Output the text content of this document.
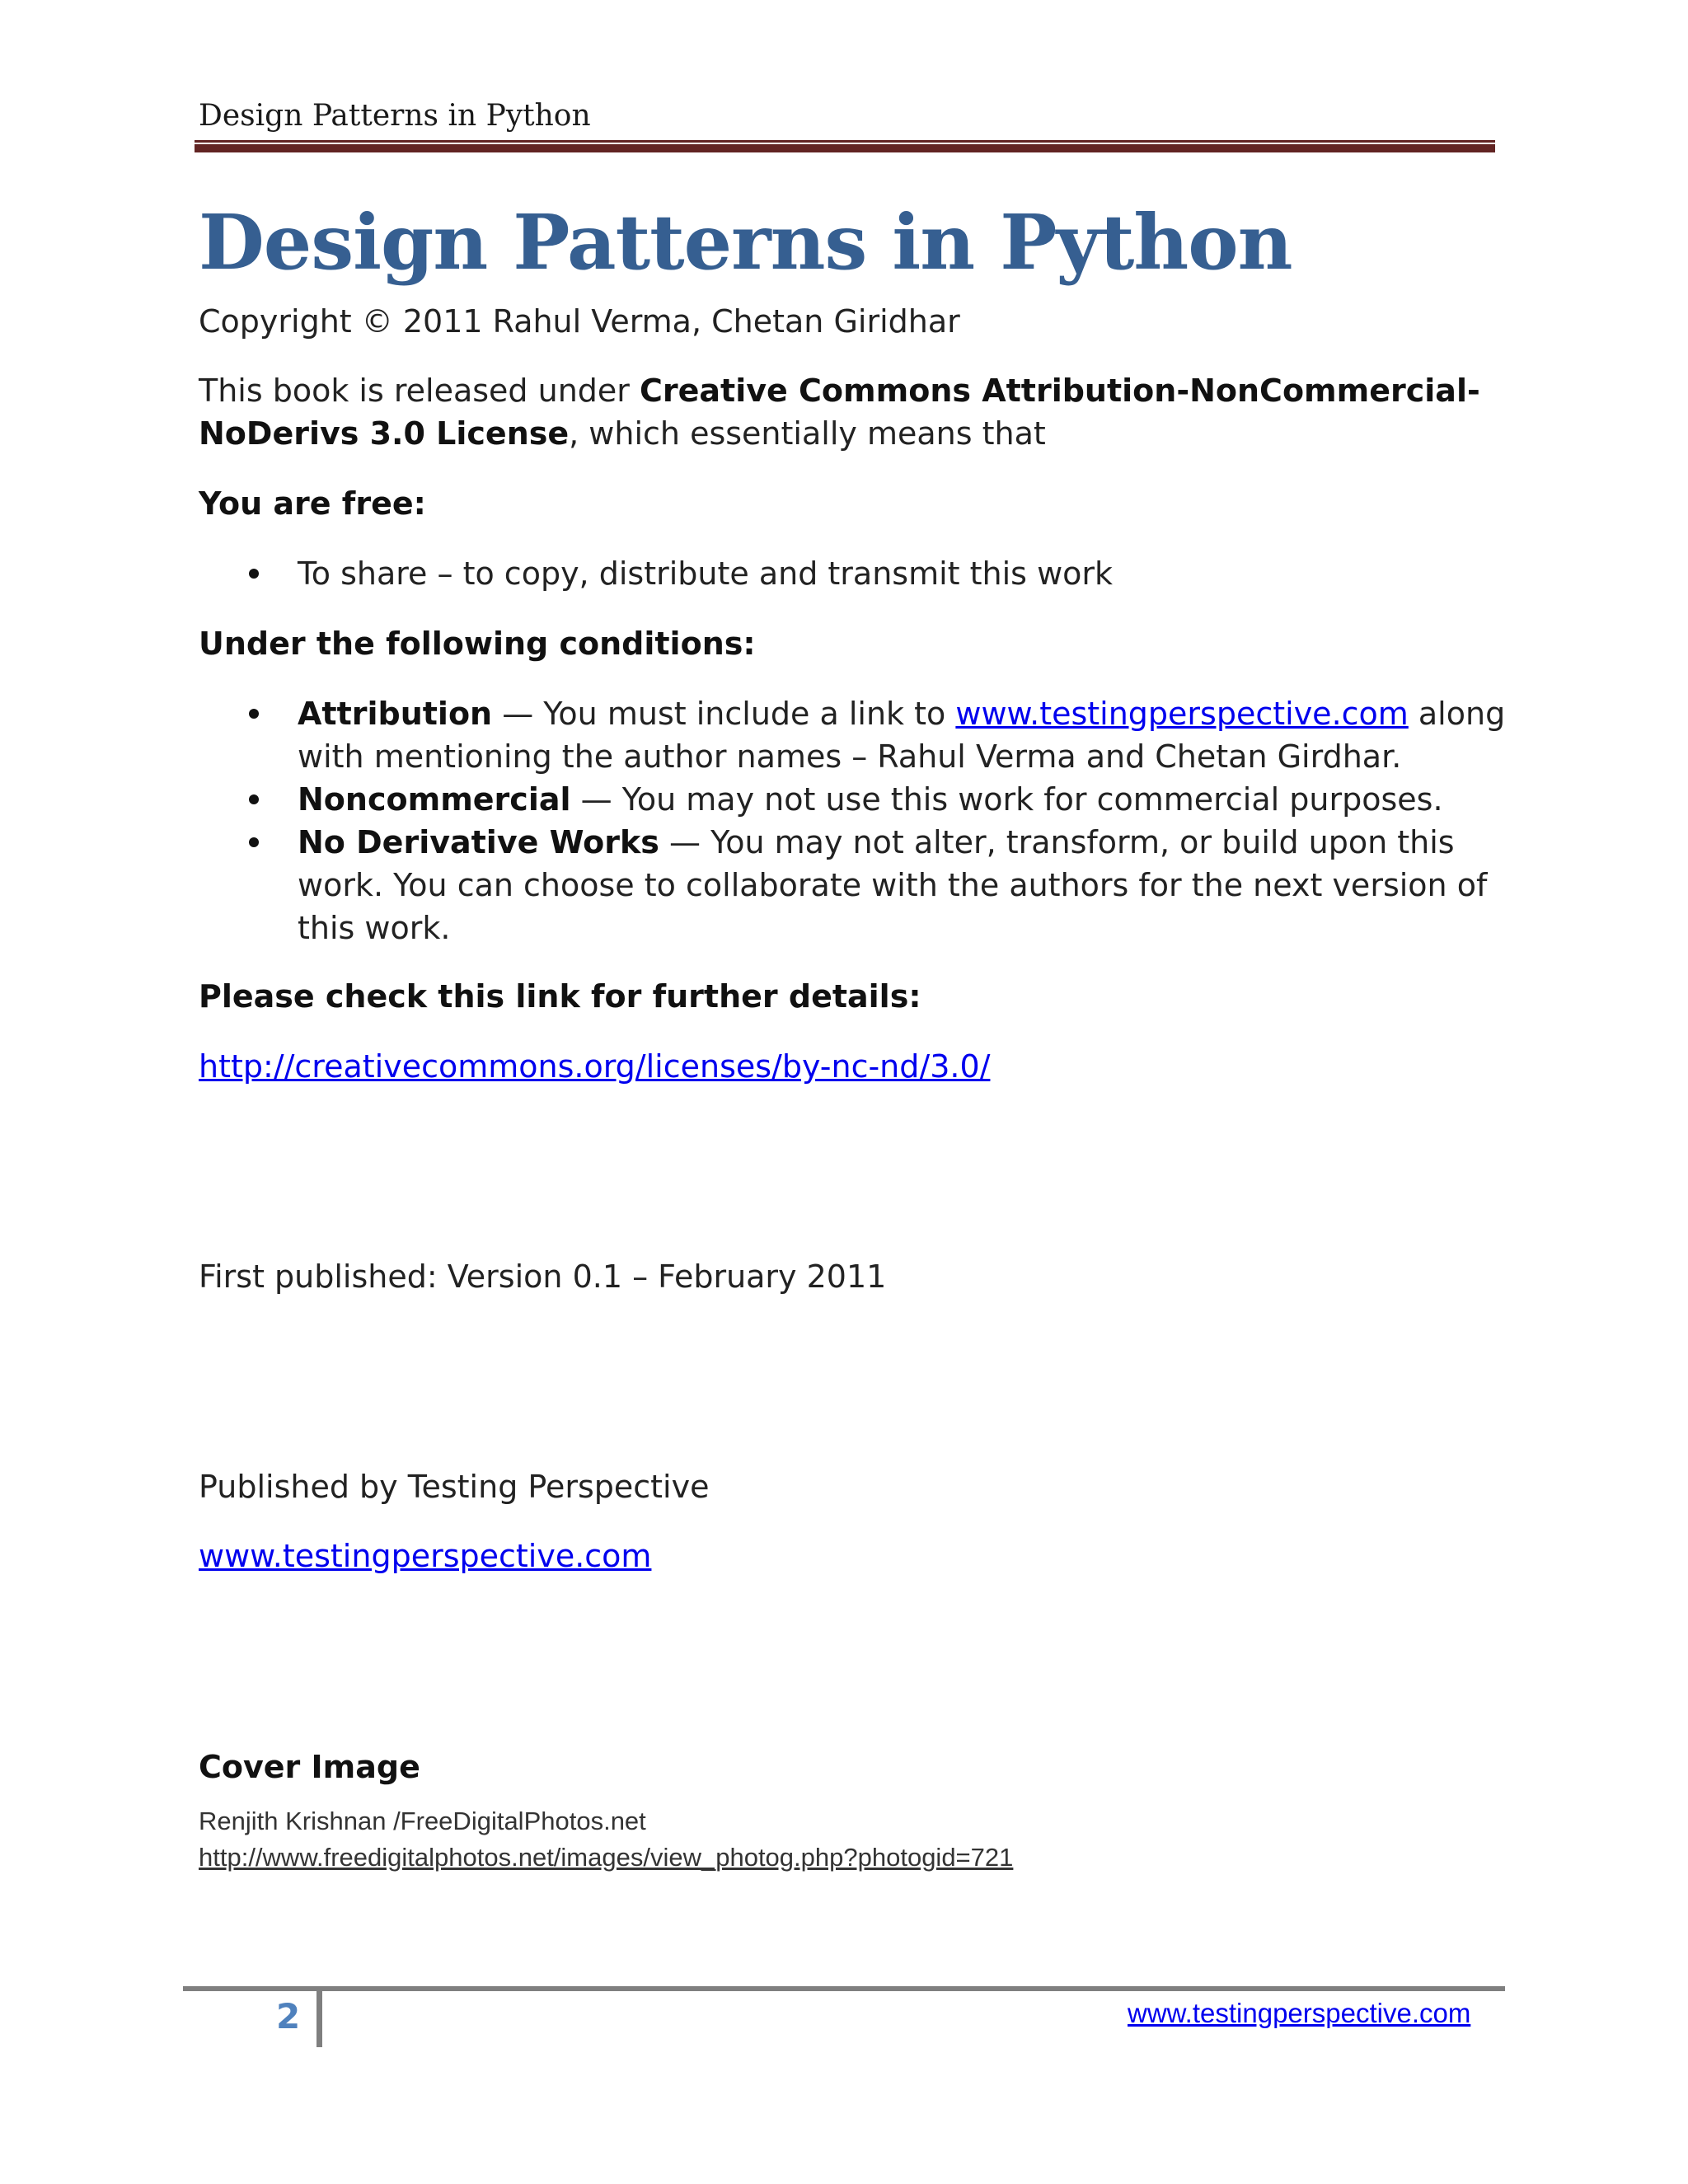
Design Patterns in Python
Design Patterns in Python
Copyright © 2011 Rahul Verma, Chetan Giridhar
This book is released under Creative Commons Attribution-NonCommercial-
NoDerivs 3.0 License, which essentially means that
You are free:
To share – to copy, distribute and transmit this work
Under the following conditions:
Attribution — You must include a link to www.testingperspective.com along
with mentioning the author names – Rahul Verma and Chetan Girdhar.
Noncommercial — You may not use this work for commercial purposes.
No Derivative Works — You may not alter, transform, or build upon this
work. You can choose to collaborate with the authors for the next version of
this work.
Please check this link for further details:
http://creativecommons.org/licenses/by-nc-nd/3.0/
First published: Version 0.1 – February 2011
Published by Testing Perspective
www.testingperspective.com
Cover Image
Renjith Krishnan /FreeDigitalPhotos.net
http://www.freedigitalphotos.net/images/view_photog.php?photogid=721
2	www.testingperspective.com
